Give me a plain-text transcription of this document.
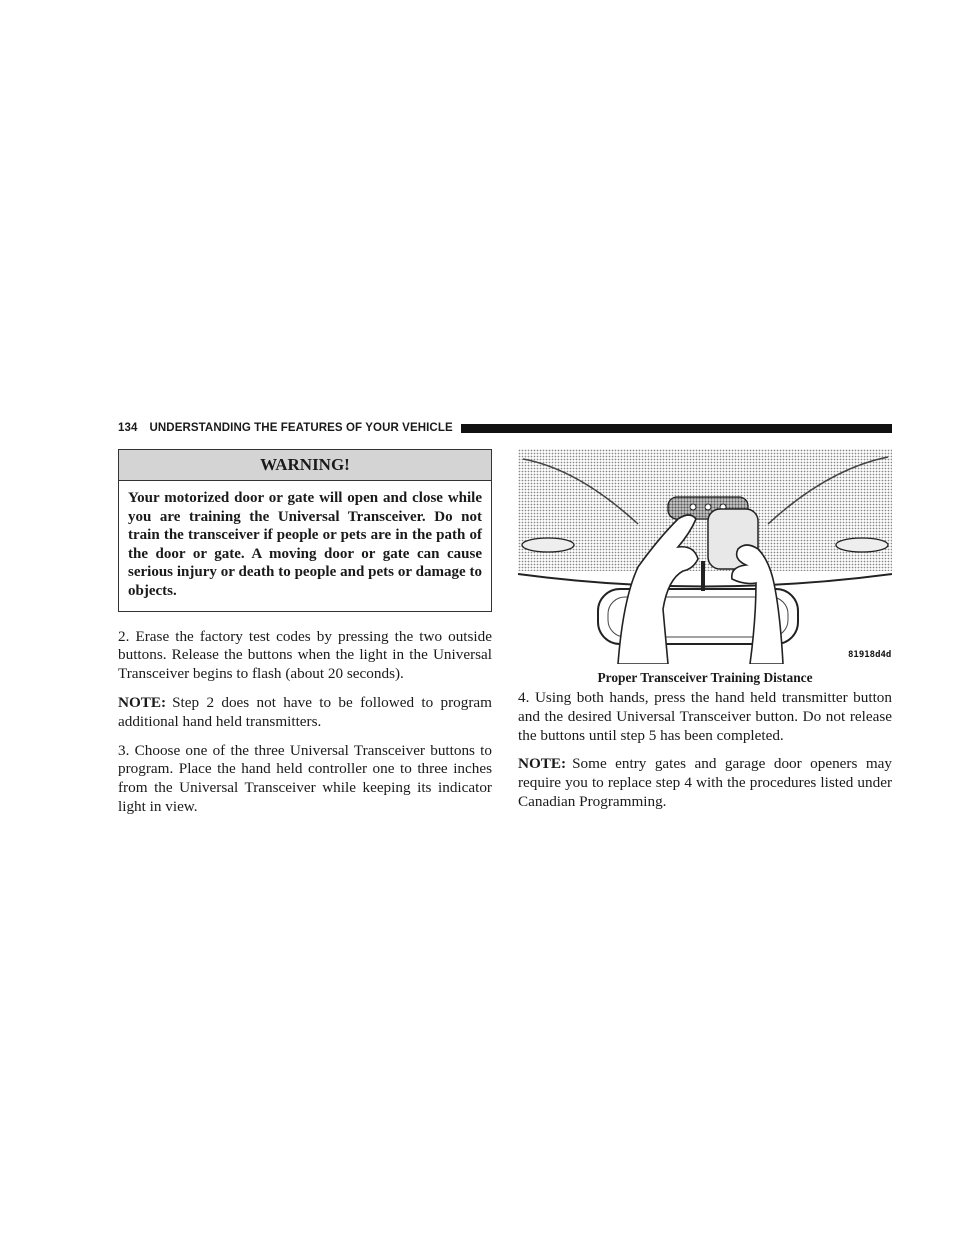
134 UNDERSTANDING THE FEATURES OF YOUR VEHICLE
WARNING!
Your motorized door or gate will open and close while you are training the Universal Transceiver. Do not train the transceiver if people or pets are in the path of the door or gate. A moving door or gate can cause serious injury or death to people and pets or damage to objects.

2. Erase the factory test codes by pressing the two outside buttons. Release the buttons when the light in the Universal Transceiver begins to flash (about 20 seconds).

NOTE: Step 2 does not have to be followed to program additional hand held transmitters.

3. Choose one of the three Universal Transceiver buttons to program. Place the hand held controller one to three inches from the Universal Transceiver while keeping its indicator light in view.

81918d4d
Proper Transceiver Training Distance

4. Using both hands, press the hand held transmitter button and the desired Universal Transceiver button. Do not release the buttons until step 5 has been completed.

NOTE: Some entry gates and garage door openers may require you to replace step 4 with the procedures listed under Canadian Programming.
